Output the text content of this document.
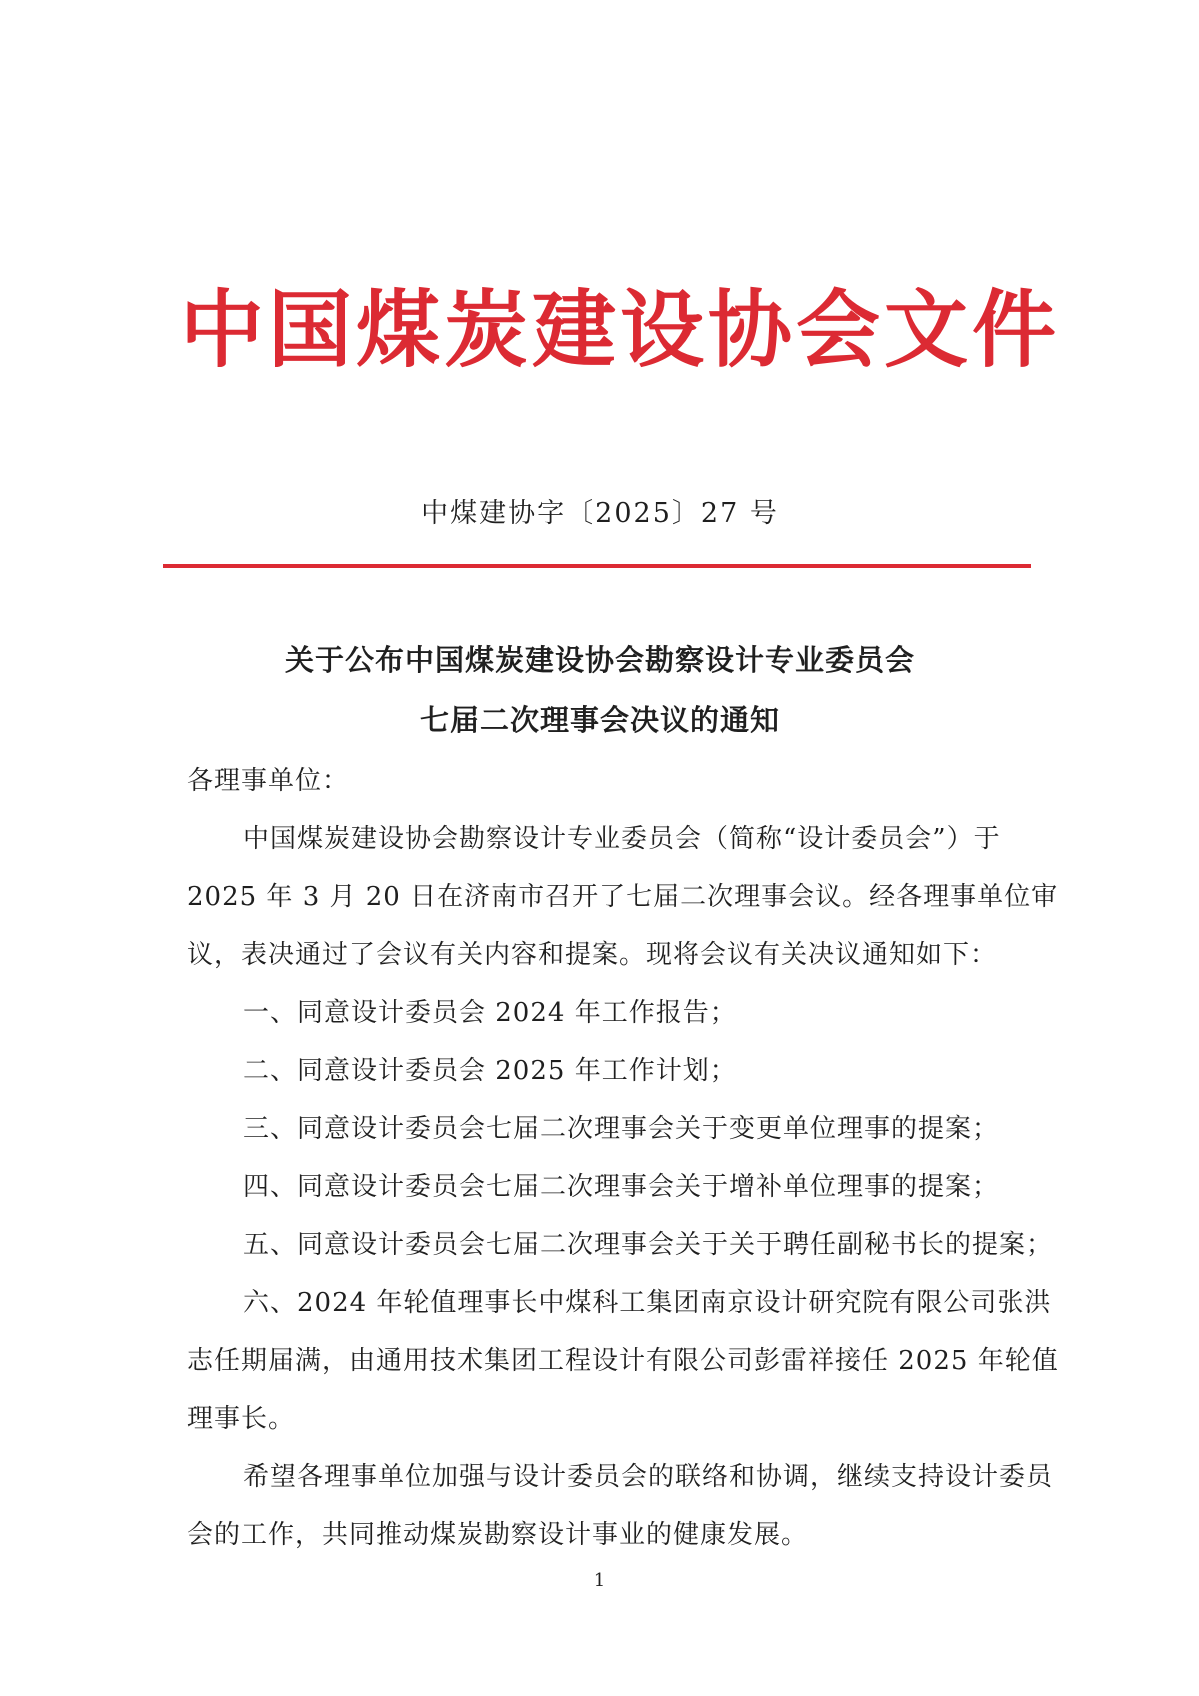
中国煤炭建设协会文件
中煤建协字〔2025〕27 号
关于公布中国煤炭建设协会勘察设计专业委员会
七届二次理事会决议的通知

各理事单位：

中国煤炭建设协会勘察设计专业委员会（简称“设计委员会”）于2025 年 3 月 20 日在济南市召开了七届二次理事会议。经各理事单位审议，表决通过了会议有关内容和提案。现将会议有关决议通知如下：

一、同意设计委员会 2024 年工作报告；

二、同意设计委员会 2025 年工作计划；

三、同意设计委员会七届二次理事会关于变更单位理事的提案；

四、同意设计委员会七届二次理事会关于增补单位理事的提案；

五、同意设计委员会七届二次理事会关于关于聘任副秘书长的提案；

六、2024 年轮值理事长中煤科工集团南京设计研究院有限公司张洪志任期届满，由通用技术集团工程设计有限公司彭雷祥接任 2025 年轮值理事长。

希望各理事单位加强与设计委员会的联络和协调，继续支持设计委员会的工作，共同推动煤炭勘察设计事业的健康发展。

1
